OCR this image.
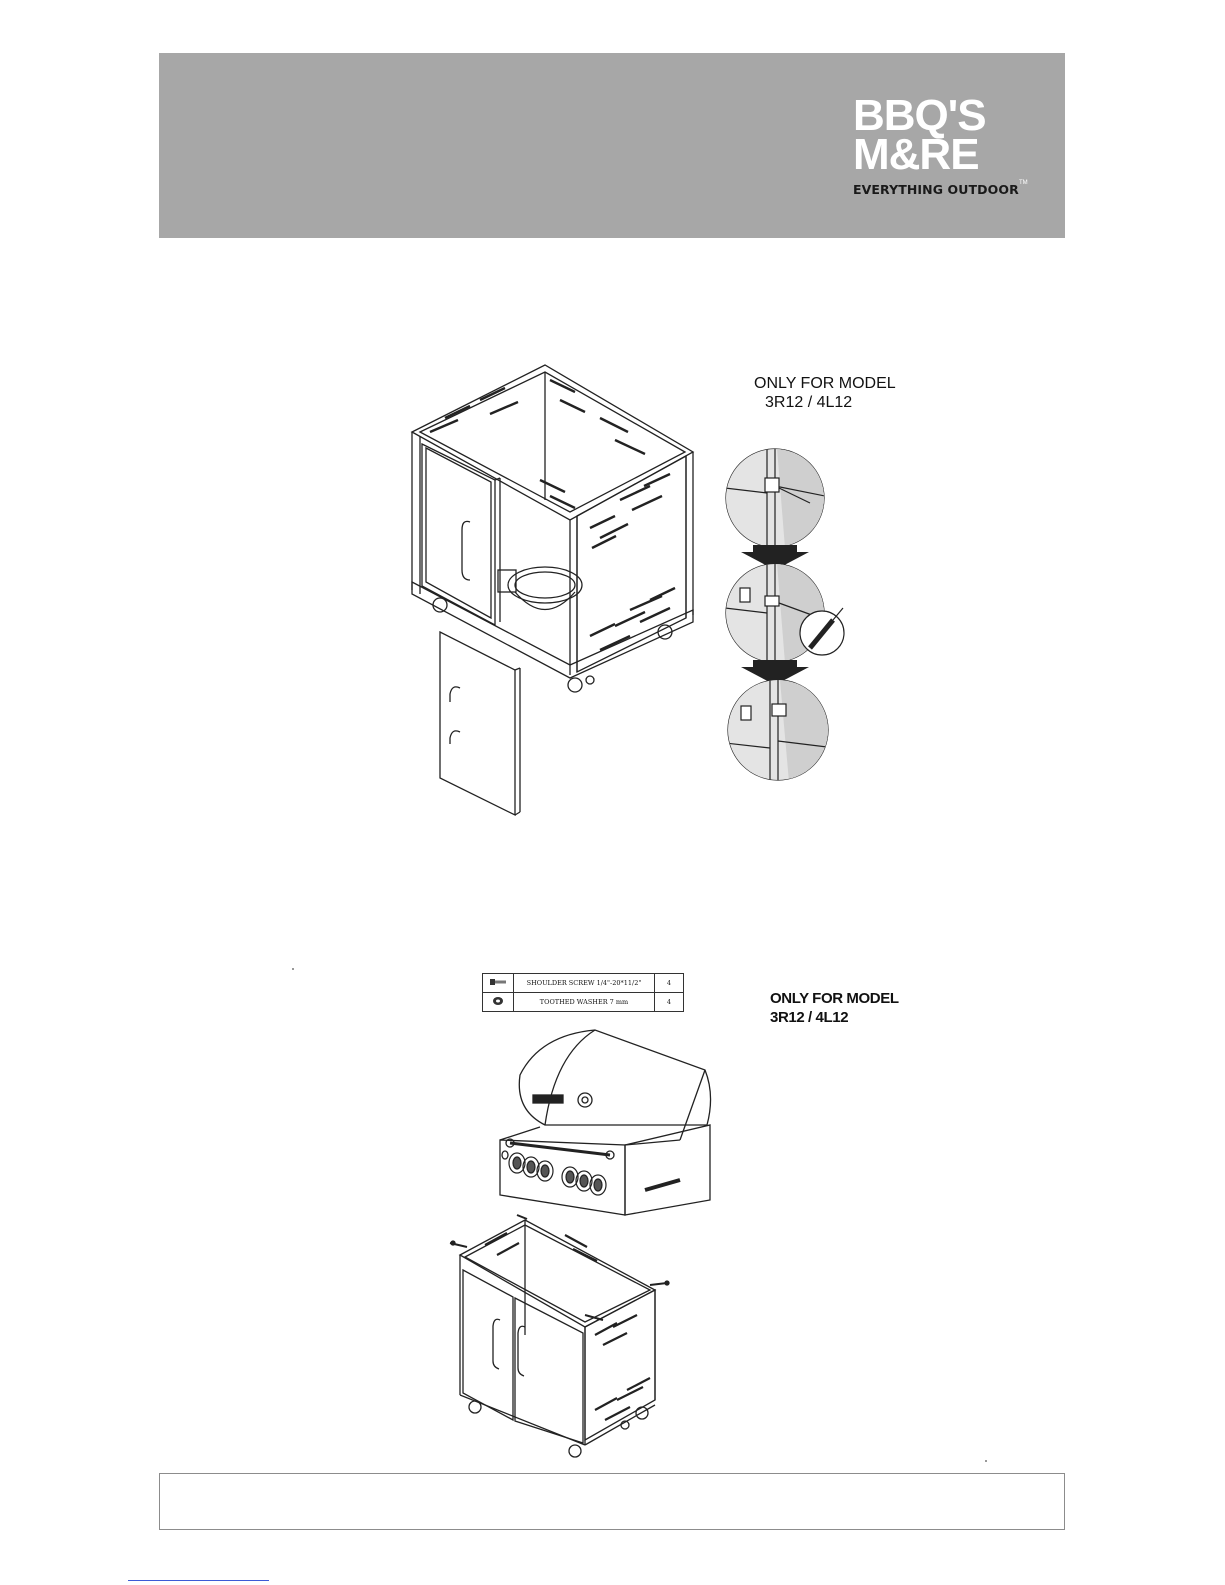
BBQ'S
M&RE
TM
EVERYTHING OUTDOOR
ONLY FOR MODEL
3R12 / 4L12
	SHOULDER SCREW 1/4"-20*11/2"	4
	TOOTHED WASHER 7 mm	4	ONLY FOR MODEL
3R12 / 4L12
